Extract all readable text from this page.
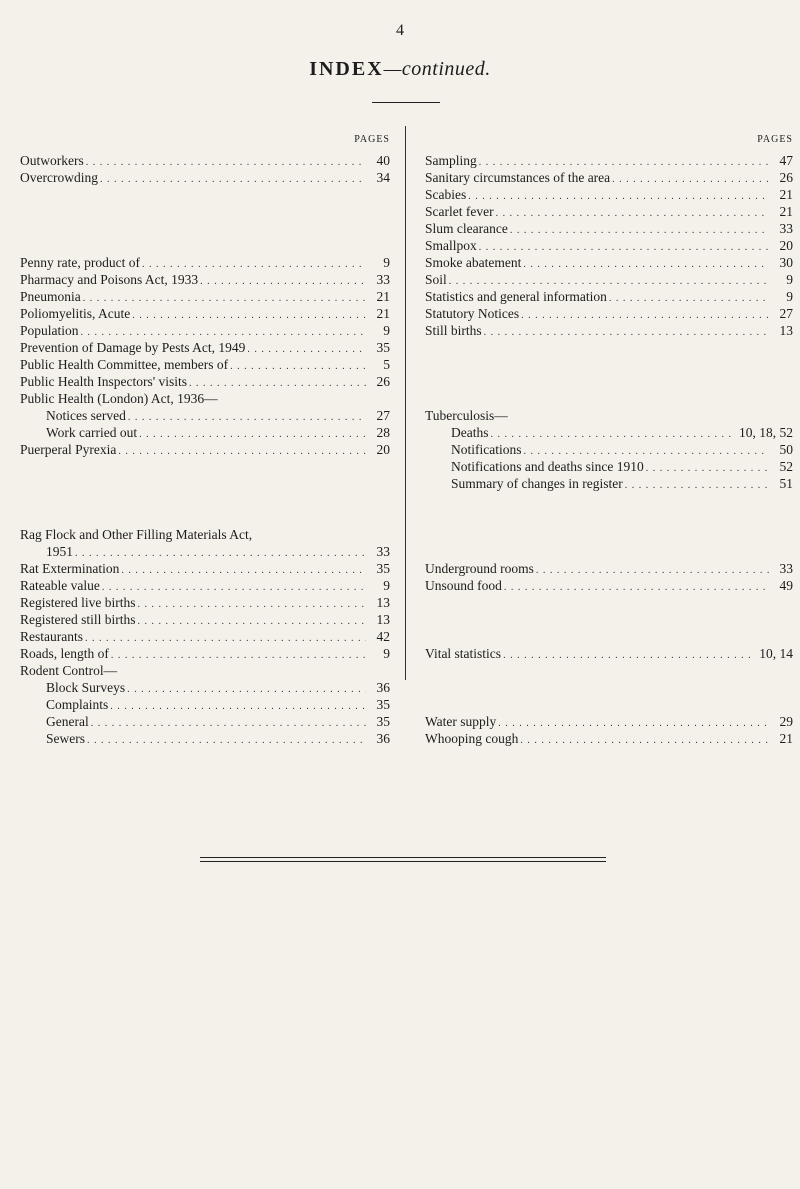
4
INDEX—continued.
PAGES
Outworkers . . .	40
Overcrowding . . .	34
Penny rate, product of . . .	9
Pharmacy and Poisons Act, 1933 . . .	33
Pneumonia . . .	21
Poliomyelitis, Acute . . .	21
Population . . .	9
Prevention of Damage by Pests Act, 1949 . . .	35
Public Health Committee, members of . . .	5
Public Health Inspectors' visits . . .	26
Public Health (London) Act, 1936—
Notices served . . .	27
Work carried out . . .	28
Puerperal Pyrexia . . .	20
Rag Flock and Other Filling Materials Act,
1951 . . .	33
Rat Extermination . . .	35
Rateable value . . .	9
Registered live births . . .	13
Registered still births . . .	13
Restaurants . . .	42
Roads, length of . . .	9
Rodent Control—
Block Surveys . . .	36
Complaints . . .	35
General . . .	35
Sewers . . .	36
PAGES
Sampling . . .	47
Sanitary circumstances of the area . . .	26
Scabies . . .	21
Scarlet fever . . .	21
Slum clearance . . .	33
Smallpox . . .	20
Smoke abatement . . .	30
Soil . . .	9
Statistics and general information . . .	9
Statutory Notices . . .	27
Still births . . .	13
Tuberculosis—
Deaths . . .	10, 18, 52
Notifications . . .	50
Notifications and deaths since 1910 . . .	52
Summary of changes in register . . .	51
Underground rooms . . .	33
Unsound food . . .	49
Vital statistics . . .	10, 14
Water supply . . .	29
Whooping cough . . .	21
